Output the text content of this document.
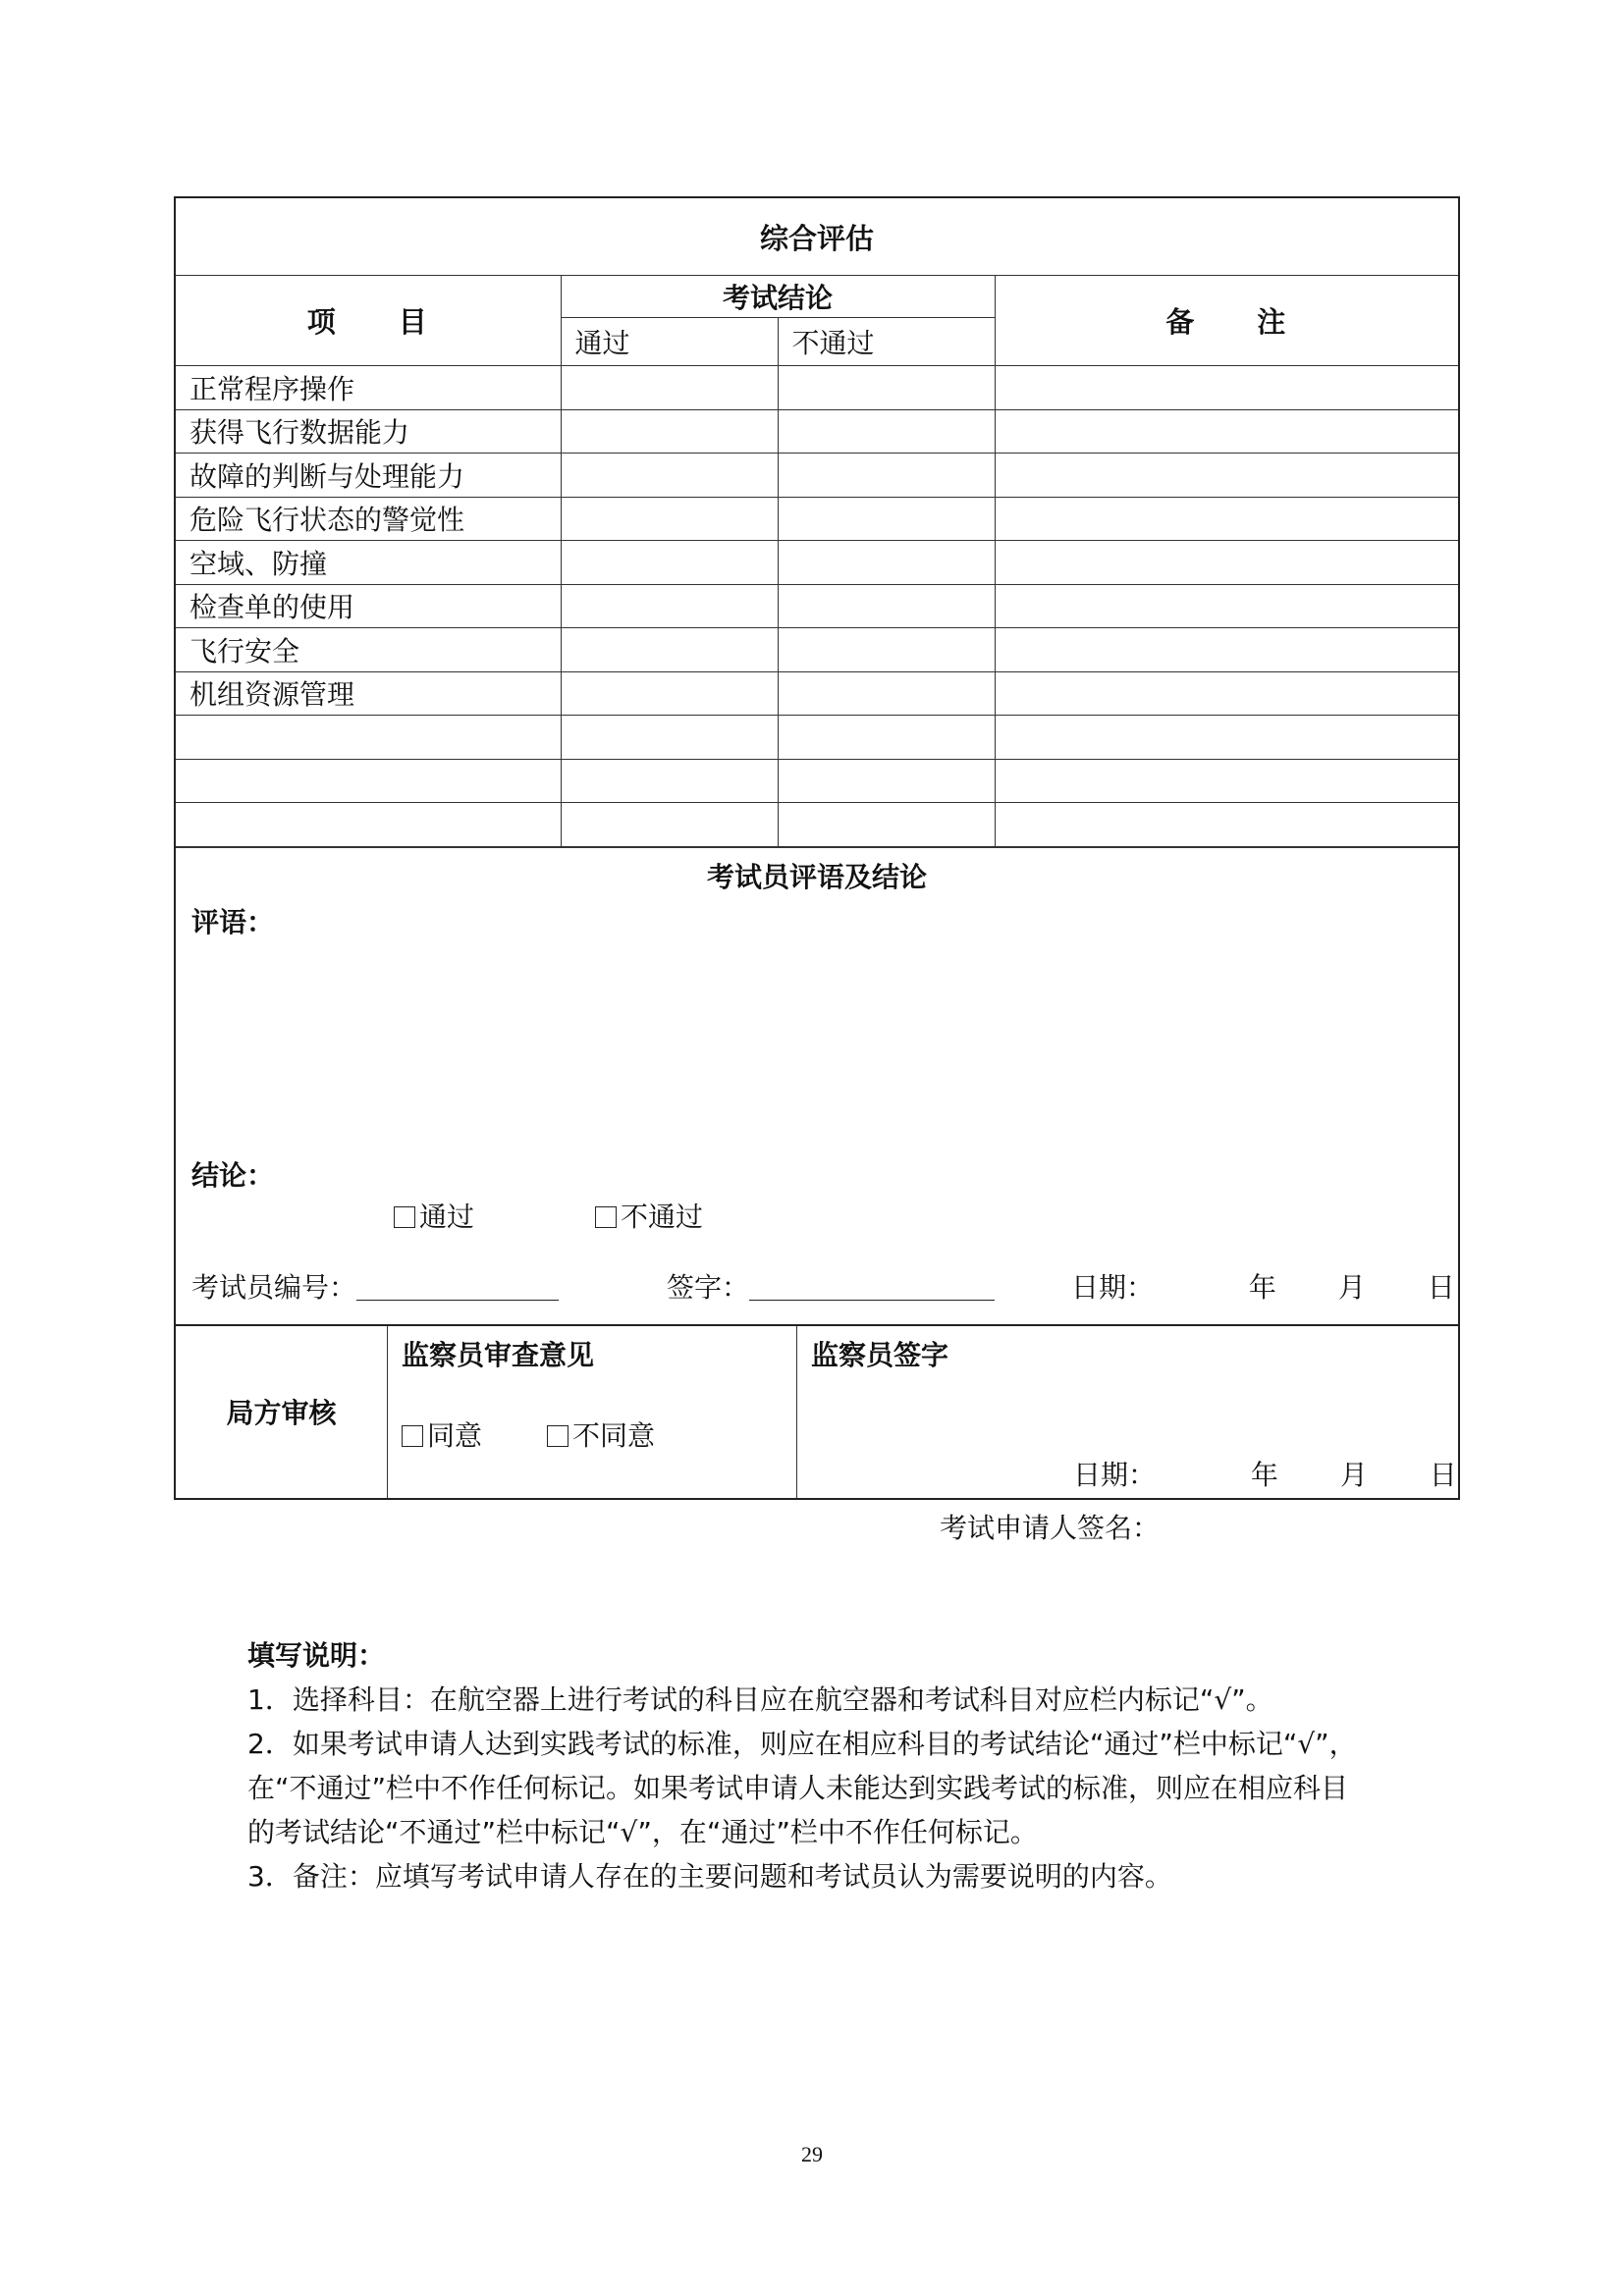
综合评估
项　　目	考试结论		备　　注
	通过	不通过	
正常程序操作			
获得飞行数据能力			
故障的判断与处理能力			
危险飞行状态的警觉性			
空域、防撞			
检查单的使用			
飞行安全			
机组资源管理			

考试员评语及结论
评语：
结论：
通过	不通过
考试员编号：	签字：	日期：	年 月 日
局方审核
监察员审查意见
同意	不同意
监察员签字
日期：	年 月 日
考试申请人签名：

填写说明：

1．选择科目：在航空器上进行考试的科目应在航空器和考试科目对应栏内标记“√”。

2．如果考试申请人达到实践考试的标准，则应在相应科目的考试结论“通过”栏中标记“√”，

在“不通过”栏中不作任何标记。如果考试申请人未能达到实践考试的标准，则应在相应科目

的考试结论“不通过”栏中标记“√”，在“通过”栏中不作任何标记。

3．备注：应填写考试申请人存在的主要问题和考试员认为需要说明的内容。

29
